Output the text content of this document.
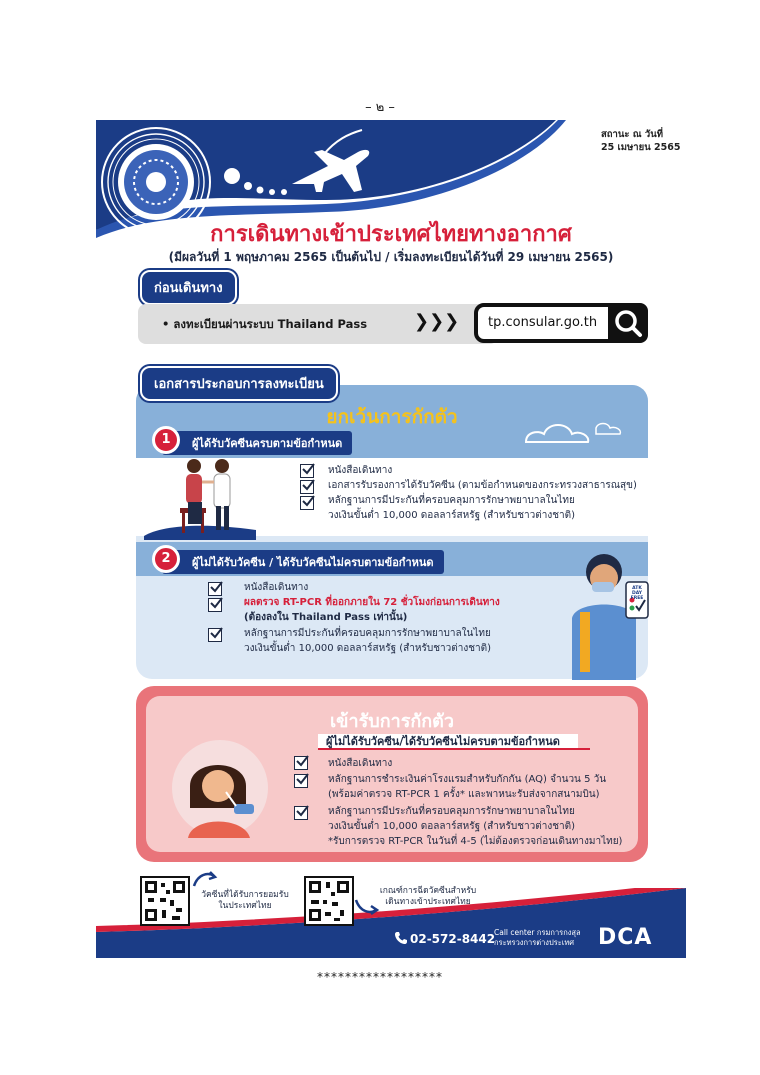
– ๒ –
สถานะ ณ วันที่
25 เมษายน 2565
การเดินทางเข้าประเทศไทยทางอากาศ
(มีผลวันที่ 1 พฤษภาคม 2565 เป็นต้นไป / เริ่มลงทะเบียนได้วันที่ 29 เมษายน 2565)
ก่อนเดินทาง
• ลงทะเบียนผ่านระบบ Thailand Pass	❯❯❯ tp.consular.go.th
เอกสารประกอบการลงทะเบียน
ยกเว้นการกักตัว
ผู้ได้รับวัคซีนครบตามข้อกำหนด
1
หนังสือเดินทาง
เอกสารรับรองการได้รับวัคซีน (ตามข้อกำหนดของกระทรวงสาธารณสุข)
หลักฐานการมีประกันที่ครอบคลุมการรักษาพยาบาลในไทย
วงเงินขั้นต่ำ 10,000 ดอลลาร์สหรัฐ (สำหรับชาวต่างชาติ)
ผู้ไม่ได้รับวัคซีน / ได้รับวัคซีนไม่ครบตามข้อกำหนด
2
หนังสือเดินทาง
ผลตรวจ RT-PCR ที่ออกภายใน 72 ชั่วโมงก่อนการเดินทาง
(ต้องลงใน Thailand Pass เท่านั้น)
หลักฐานการมีประกันที่ครอบคลุมการรักษาพยาบาลในไทย
วงเงินขั้นต่ำ 10,000 ดอลลาร์สหรัฐ (สำหรับชาวต่างชาติ)
ATK DAY FREE
เข้ารับการกักตัว
ผู้ไม่ได้รับวัคซีน/ได้รับวัคซีนไม่ครบตามข้อกำหนด
หนังสือเดินทาง
หลักฐานการชำระเงินค่าโรงแรมสำหรับกักกัน (AQ) จำนวน 5 วัน
(พร้อมค่าตรวจ RT-PCR 1 ครั้ง* และพาหนะรับส่งจากสนามบิน)
หลักฐานการมีประกันที่ครอบคลุมการรักษาพยาบาลในไทย
วงเงินขั้นต่ำ 10,000 ดอลลาร์สหรัฐ (สำหรับชาวต่างชาติ)
*รับการตรวจ RT-PCR ในวันที่ 4-5 (ไม่ต้องตรวจก่อนเดินทางมาไทย)
วัคซีนที่ได้รับการยอมรับ
ในประเทศไทย
เกณฑ์การฉีดวัคซีนสำหรับ
เดินทางเข้าประเทศไทย
02-572-8442
Call center กรมการกงสุล
กระทรวงการต่างประเทศ DCA
******************
